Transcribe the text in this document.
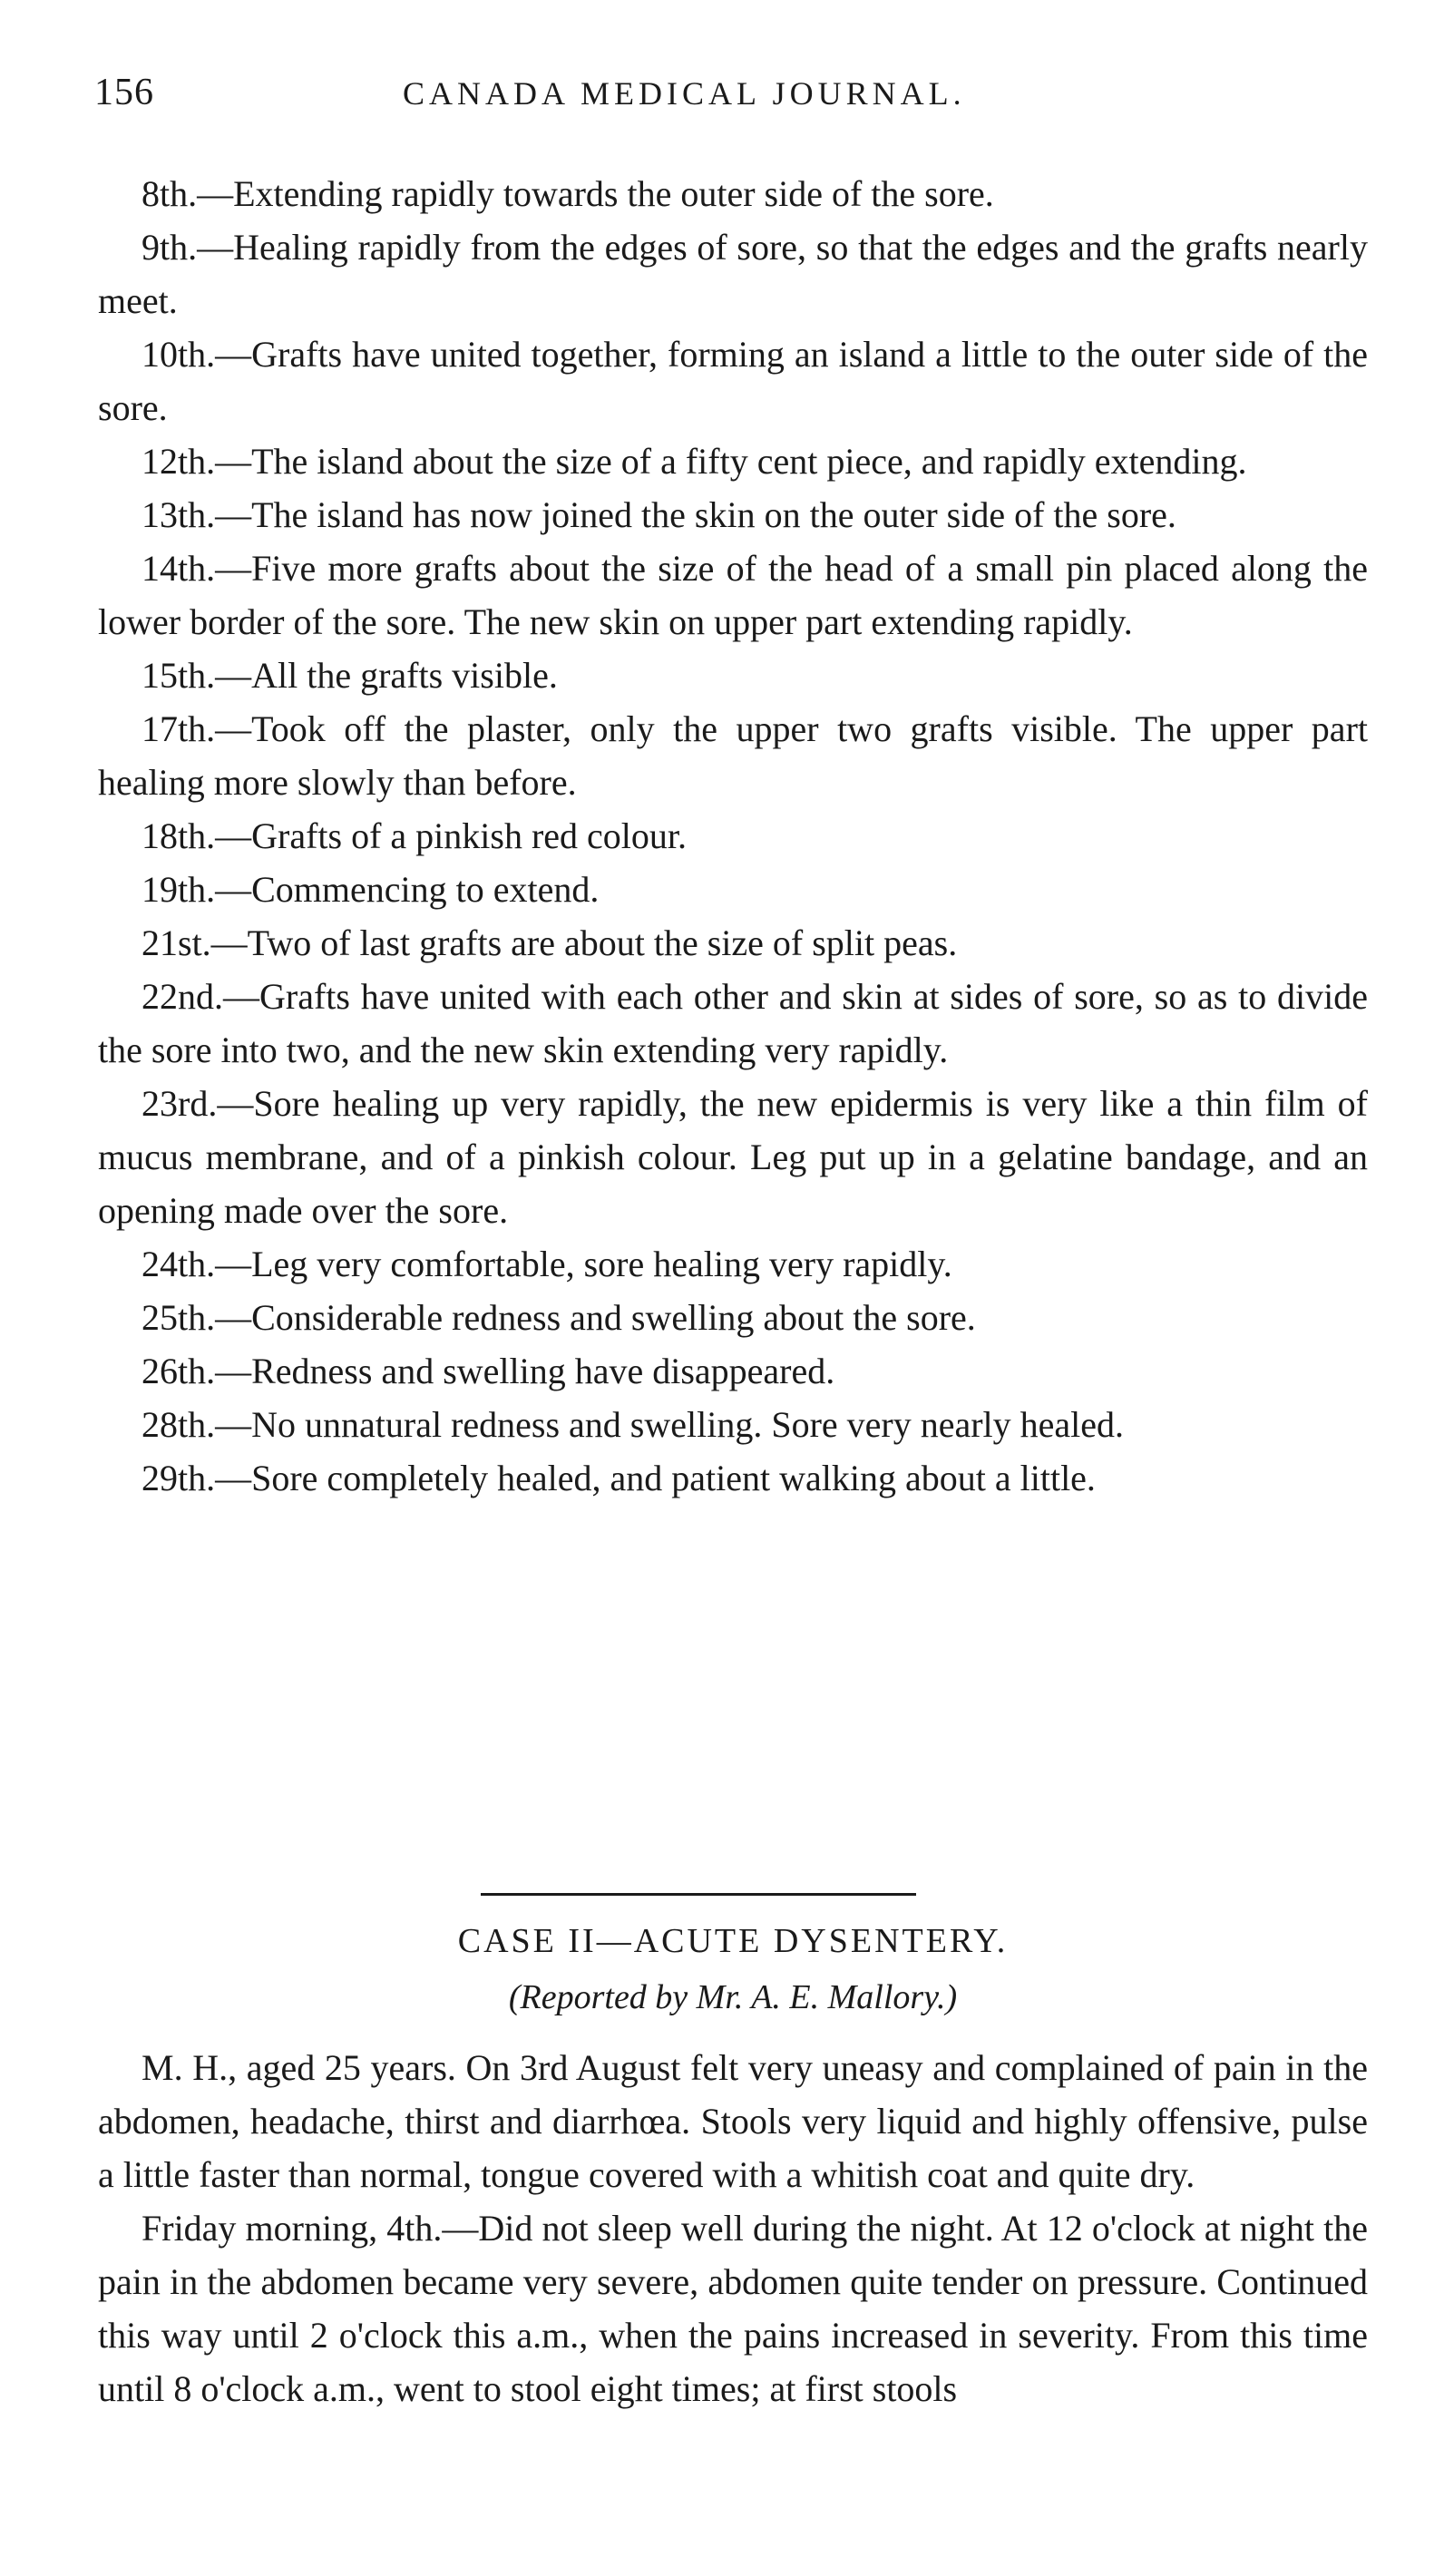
156	CANADA MEDICAL JOURNAL.
8th.—Extending rapidly towards the outer side of the sore.
9th.—Healing rapidly from the edges of sore, so that the edges and the grafts nearly meet.
10th.—Grafts have united together, forming an island a little to the outer side of the sore.
12th.—The island about the size of a fifty cent piece, and rapidly extending.
13th.—The island has now joined the skin on the outer side of the sore.
14th.—Five more grafts about the size of the head of a small pin placed along the lower border of the sore. The new skin on upper part extending rapidly.
15th.—All the grafts visible.
17th.—Took off the plaster, only the upper two grafts visible. The upper part healing more slowly than before.
18th.—Grafts of a pinkish red colour.
19th.—Commencing to extend.
21st.—Two of last grafts are about the size of split peas.
22nd.—Grafts have united with each other and skin at sides of sore, so as to divide the sore into two, and the new skin extending very rapidly.
23rd.—Sore healing up very rapidly, the new epidermis is very like a thin film of mucus membrane, and of a pinkish colour. Leg put up in a gelatine bandage, and an opening made over the sore.
24th.—Leg very comfortable, sore healing very rapidly.
25th.—Considerable redness and swelling about the sore.
26th.—Redness and swelling have disappeared.
28th.—No unnatural redness and swelling. Sore very nearly healed.
29th.—Sore completely healed, and patient walking about a little.
CASE II—ACUTE DYSENTERY.

(Reported by Mr. A. E. Mallory.)

M. H., aged 25 years. On 3rd August felt very uneasy and complained of pain in the abdomen, headache, thirst and diarrhœa. Stools very liquid and highly offensive, pulse a little faster than normal, tongue covered with a whitish coat and quite dry.

Friday morning, 4th.—Did not sleep well during the night. At 12 o'clock at night the pain in the abdomen became very severe, abdomen quite tender on pressure. Continued this way until 2 o'clock this a.m., when the pains increased in severity. From this time until 8 o'clock a.m., went to stool eight times; at first stools
